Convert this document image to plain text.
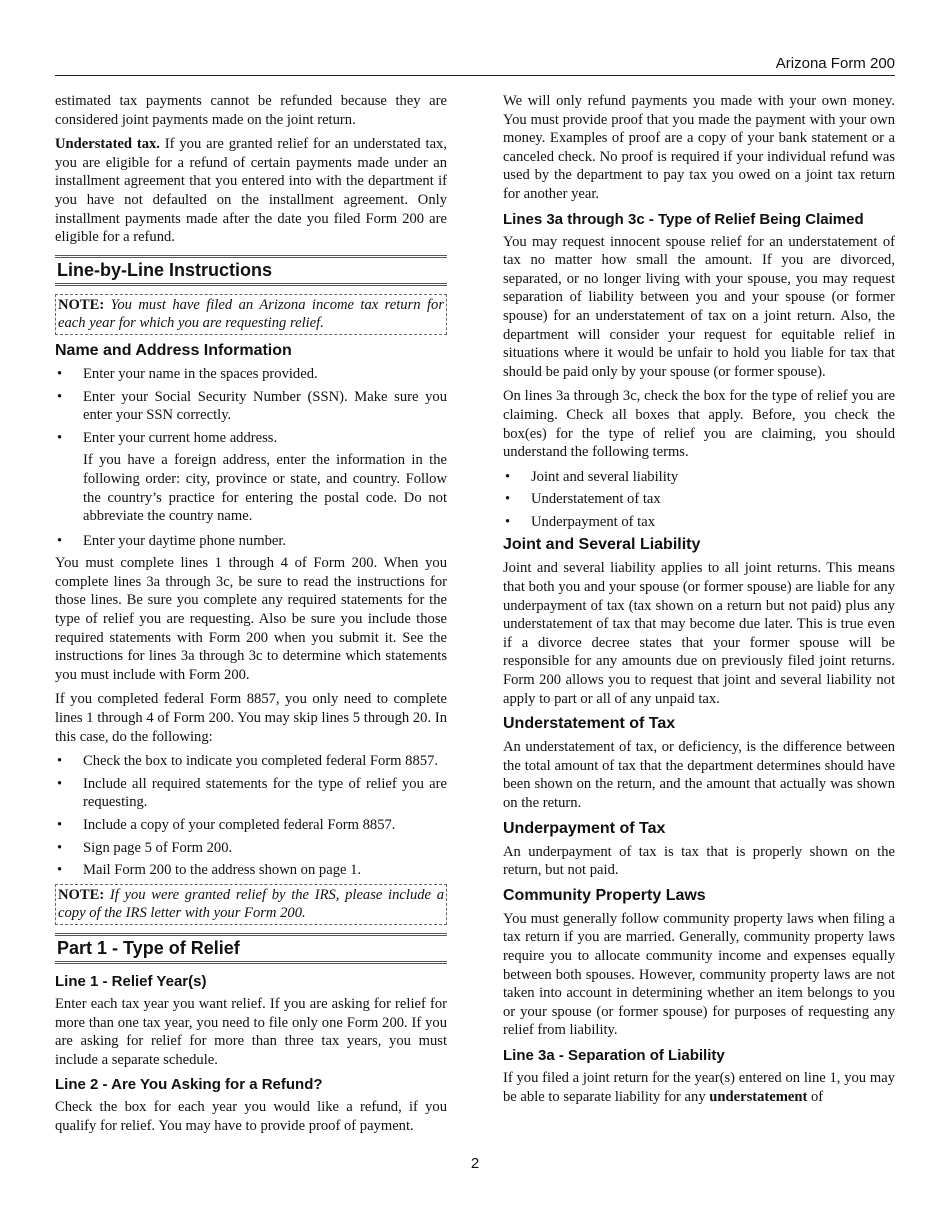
Arizona Form 200

estimated tax payments cannot be refunded because they are considered joint payments made on the joint return.

Understated tax. If you are granted relief for an understated tax, you are eligible for a refund of certain payments made under an installment agreement that you entered into with the department if you have not defaulted on the installment agreement. Only installment payments made after the date you filed Form 200 are eligible for a refund.

Line-by-Line Instructions
NOTE: You must have filed an Arizona income tax return for each year for which you are requesting relief.
Name and Address Information
• Enter your name in the spaces provided.
• Enter your Social Security Number (SSN). Make sure you enter your SSN correctly.
• Enter your current home address.

If you have a foreign address, enter the information in the following order: city, province or state, and country. Follow the country’s practice for entering the postal code. Do not abbreviate the country name.

• Enter your daytime phone number.

You must complete lines 1 through 4 of Form 200. When you complete lines 3a through 3c, be sure to read the instructions for those lines. Be sure you complete any required statements for the type of relief you are requesting. Also be sure you include those required statements with Form 200 when you submit it. See the instructions for lines 3a through 3c to determine which statements you must include with Form 200.

If you completed federal Form 8857, you only need to complete lines 1 through 4 of Form 200. You may skip lines 5 through 20. In this case, do the following:

• Check the box to indicate you completed federal Form 8857.
• Include all required statements for the type of relief you are requesting.
• Include a copy of your completed federal Form 8857.
• Sign page 5 of Form 200.
• Mail Form 200 to the address shown on page 1.
NOTE: If you were granted relief by the IRS, please include a copy of the IRS letter with your Form 200.
Part 1 - Type of Relief
Line 1 - Relief Year(s)

Enter each tax year you want relief. If you are asking for relief for more than one tax year, you need to file only one Form 200. If you are asking for relief for more than three tax years, you must include a separate schedule.

Line 2 - Are You Asking for a Refund?

Check the box for each year you would like a refund, if you qualify for relief. You may have to provide proof of payment.

We will only refund payments you made with your own money. You must provide proof that you made the payment with your own money. Examples of proof are a copy of your bank statement or a canceled check. No proof is required if your individual refund was used by the department to pay tax you owed on a joint tax return for another year.

Lines 3a through 3c - Type of Relief Being Claimed

You may request innocent spouse relief for an understatement of tax no matter how small the amount. If you are divorced, separated, or no longer living with your spouse, you may request separation of liability between you and your spouse (or former spouse) for an understatement of tax on a joint return. Also, the department will consider your request for equitable relief in situations where it would be unfair to hold you liable for tax that should be paid only by your spouse (or former spouse).

On lines 3a through 3c, check the box for the type of relief you are claiming. Check all boxes that apply. Before, you check the box(es) for the type of relief you are claiming, you should understand the following terms.

• Joint and several liability
• Understatement of tax
• Underpayment of tax
Joint and Several Liability

Joint and several liability applies to all joint returns. This means that both you and your spouse (or former spouse) are liable for any underpayment of tax (tax shown on a return but not paid) plus any understatement of tax that may become due later. This is true even if a divorce decree states that your former spouse will be responsible for any amounts due on previously filed joint returns. Form 200 allows you to request that joint and several liability not apply to part or all of any unpaid tax.

Understatement of Tax

An understatement of tax, or deficiency, is the difference between the total amount of tax that the department determines should have been shown on the return, and the amount that actually was shown on the return.

Underpayment of Tax

An underpayment of tax is tax that is properly shown on the return, but not paid.

Community Property Laws

You must generally follow community property laws when filing a tax return if you are married. Generally, community property laws require you to allocate community income and expenses equally between both spouses. However, community property laws are not taken into account in determining whether an item belongs to you or your spouse (or former spouse) for purposes of requesting any relief from liability.

Line 3a - Separation of Liability

If you filed a joint return for the year(s) entered on line 1, you may be able to separate liability for any understatement of

2
